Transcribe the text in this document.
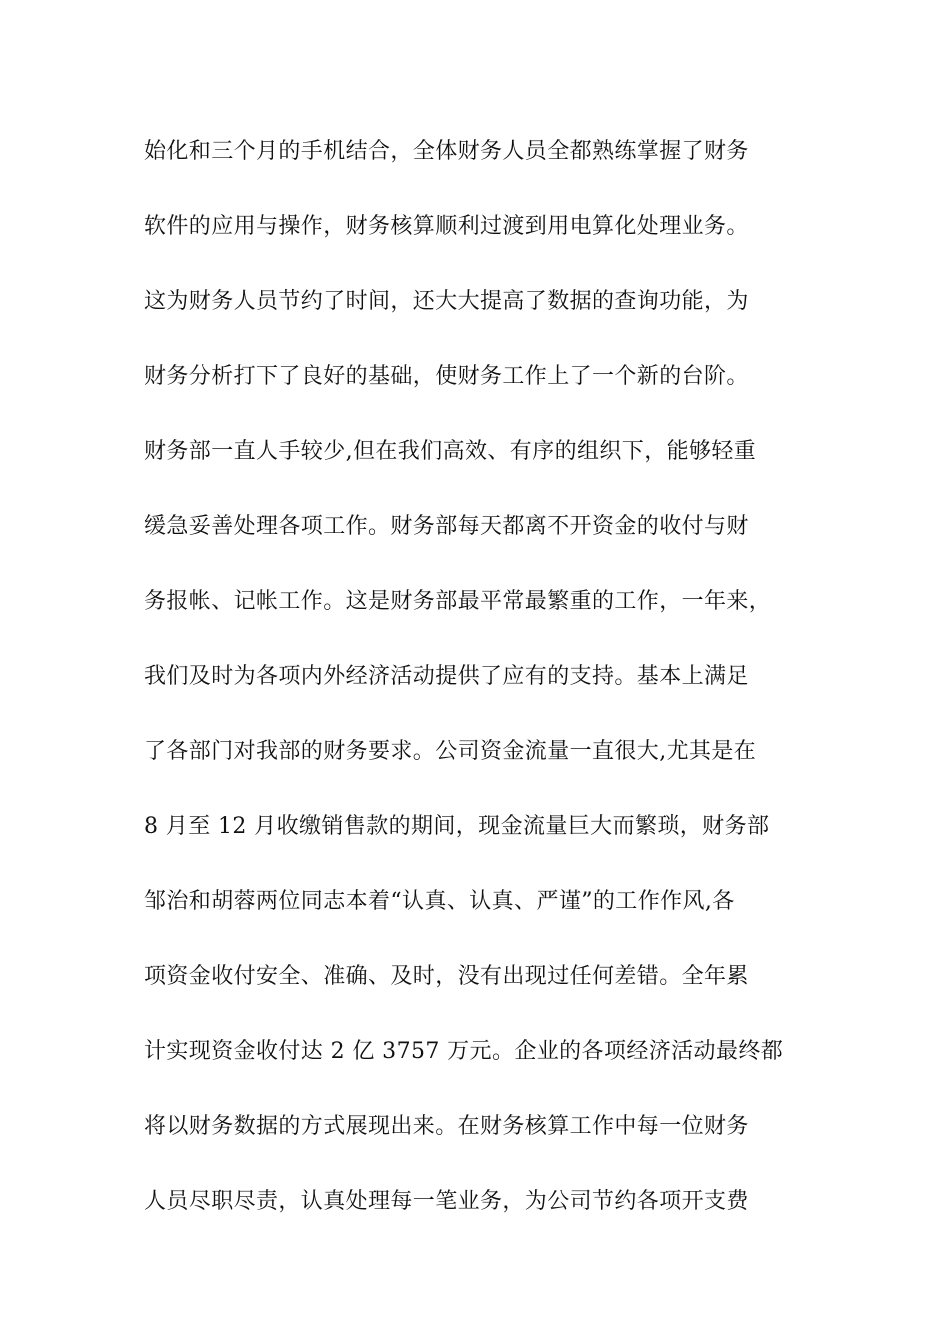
始化和三个月的手机结合，全体财务人员全都熟练掌握了财务
软件的应用与操作，财务核算顺利过渡到用电算化处理业务。
这为财务人员节约了时间，还大大提高了数据的查询功能，为
财务分析打下了良好的基础，使财务工作上了一个新的台阶。
财务部一直人手较少,但在我们高效、有序的组织下，能够轻重
缓急妥善处理各项工作。财务部每天都离不开资金的收付与财
务报帐、记帐工作。这是财务部最平常最繁重的工作，一年来，
我们及时为各项内外经济活动提供了应有的支持。基本上满足
了各部门对我部的财务要求。公司资金流量一直很大,尤其是在
8 月至 12 月收缴销售款的期间，现金流量巨大而繁琐，财务部
邹治和胡蓉两位同志本着“认真、认真、严谨”的工作作风,各
项资金收付安全、准确、及时，没有出现过任何差错。全年累
计实现资金收付达 2 亿 3757 万元。企业的各项经济活动最终都
将以财务数据的方式展现出来。在财务核算工作中每一位财务
人员尽职尽责，认真处理每一笔业务，为公司节约各项开支费
